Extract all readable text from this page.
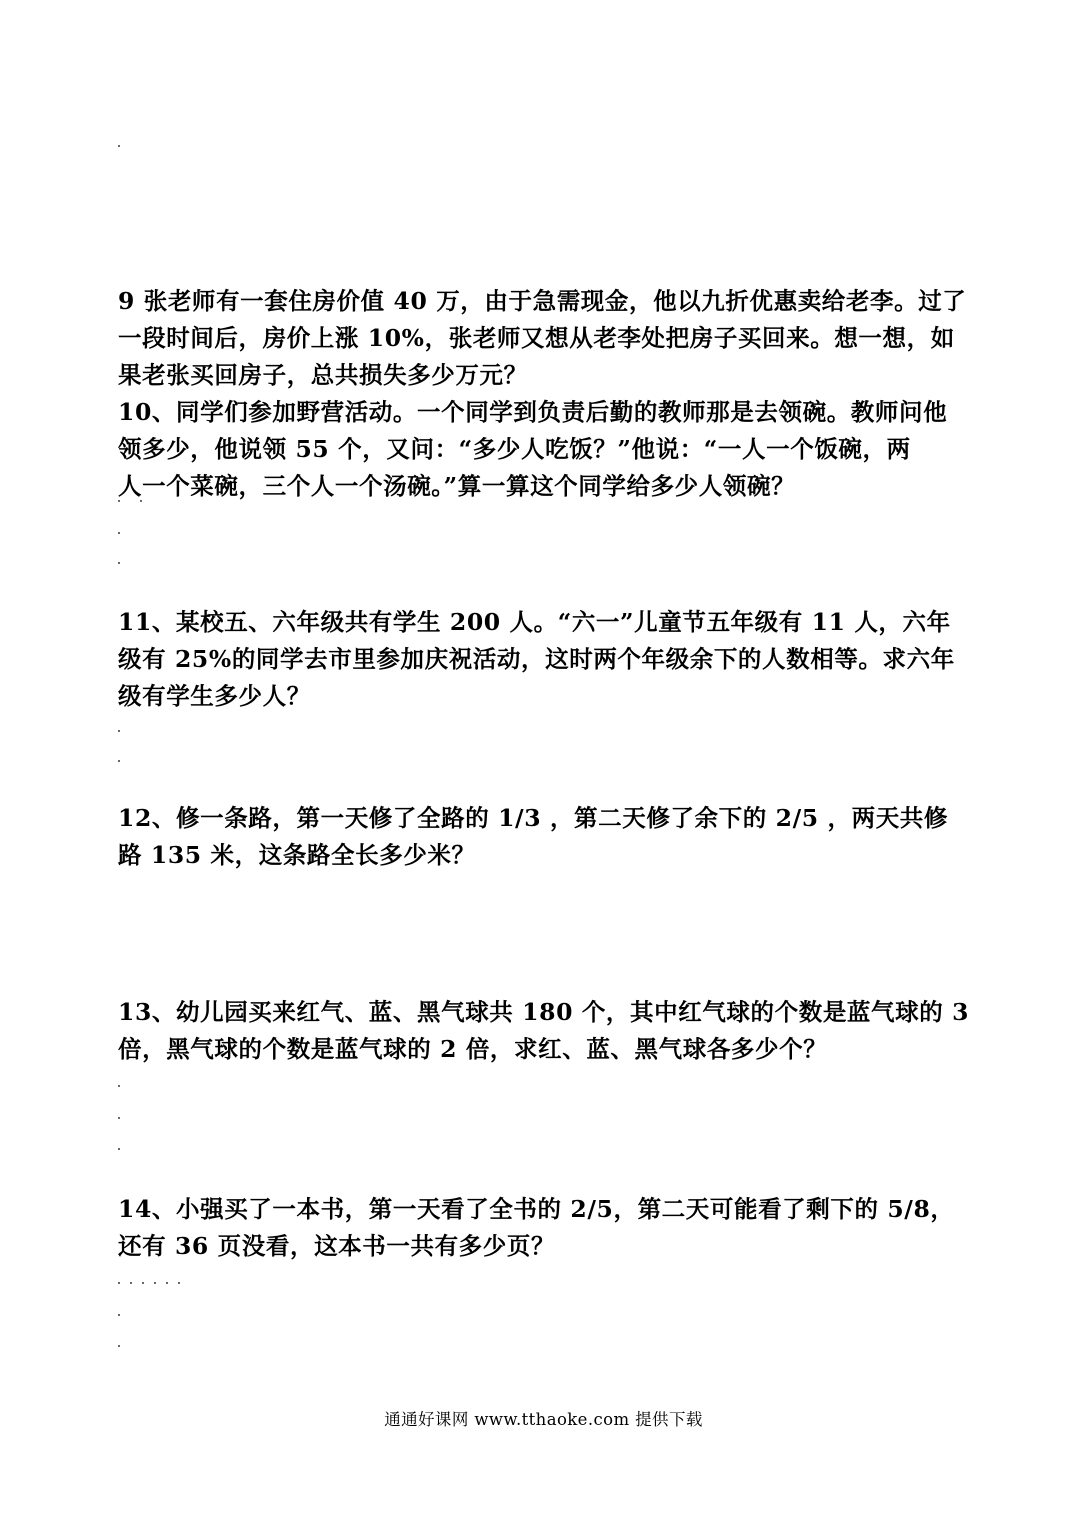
9 张老师有一套住房价值 40 万，由于急需现金，他以九折优惠卖给老李。过了
一段时间后，房价上涨 10%，张老师又想从老李处把房子买回来。想一想，如
果老张买回房子，总共损失多少万元？
10、同学们参加野营活动。一个同学到负责后勤的教师那是去领碗。教师问他
领多少，他说领 55 个，又问：“多少人吃饭？”他说：“一人一个饭碗，两
人一个菜碗，三个人一个汤碗。”算一算这个同学给多少人领碗？
11、某校五、六年级共有学生 200 人。“六一”儿童节五年级有 11 人，六年
级有 25%的同学去市里参加庆祝活动，这时两个年级余下的人数相等。求六年
级有学生多少人？
12、修一条路，第一天修了全路的 1/3 ，第二天修了余下的 2/5 ，两天共修
路 135 米，这条路全长多少米？
13、幼儿园买来红气、蓝、黑气球共 180 个，其中红气球的个数是蓝气球的 3
倍，黑气球的个数是蓝气球的 2 倍，求红、蓝、黑气球各多少个？
14、小强买了一本书，第一天看了全书的 2/5，第二天可能看了剩下的 5/8，
还有 36 页没看，这本书一共有多少页？
通通好课网 www.tthaoke.com 提供下载
